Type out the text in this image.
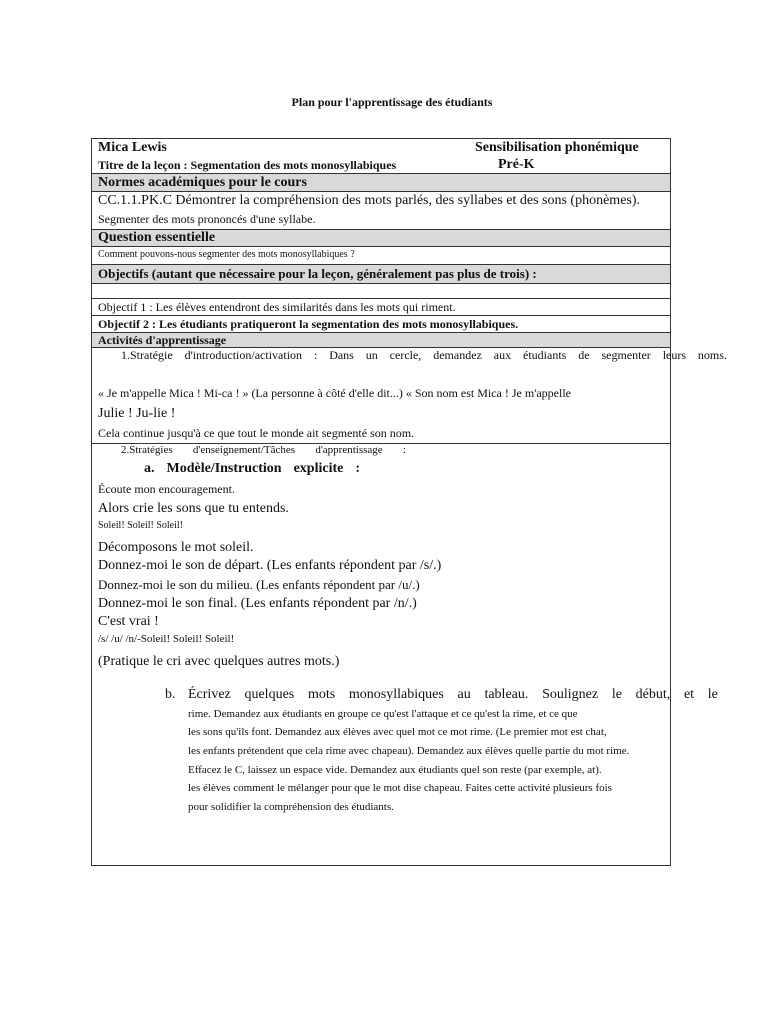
Plan pour l'apprentissage des étudiants
Mica Lewis	Sensibilisation phonémique
Titre de la leçon : Segmentation des mots monosyllabiques	Pré-K
Normes académiques pour le cours
CC.1.1.PK.C Démontrer la compréhension des mots parlés, des syllabes et des sons (phonèmes).
Segmenter des mots prononcés d'une syllabe.
Question essentielle
Comment pouvons-nous segmenter des mots monosyllabiques ?
Objectifs (autant que nécessaire pour la leçon, généralement pas plus de trois) :
Objectif 1 : Les élèves entendront des similarités dans les mots qui riment.
Objectif 2 : Les étudiants pratiqueront la segmentation des mots monosyllabiques.
Activités d'apprentissage
1.Stratégie d'introduction/activation : Dans un cercle, demandez aux étudiants de segmenter leurs noms.
« Je m'appelle Mica ! Mi-ca ! » (La personne à côté d'elle dit...) « Son nom est Mica ! Je m'appelle
Julie ! Ju-lie !
Cela continue jusqu'à ce que tout le monde ait segmenté son nom.
2.Stratégies d'enseignement/Tâches d'apprentissage :
a. Modèle/Instruction explicite :
Écoute mon encouragement.
Alors crie les sons que tu entends.
Soleil! Soleil! Soleil!
Décomposons le mot soleil.
Donnez-moi le son de départ. (Les enfants répondent par /s/.)
Donnez-moi le son du milieu. (Les enfants répondent par /u/.)
Donnez-moi le son final. (Les enfants répondent par /n/.)
C'est vrai !
/s/ /u/ /n/-Soleil! Soleil! Soleil!
(Pratique le cri avec quelques autres mots.)
b. Écrivez quelques mots monosyllabiques au tableau. Soulignez le début, et le
rime. Demandez aux étudiants en groupe ce qu'est l'attaque et ce qu'est la rime, et ce que
les sons qu'ils font. Demandez aux élèves avec quel mot ce mot rime. (Le premier mot est chat,
les enfants prétendent que cela rime avec chapeau). Demandez aux élèves quelle partie du mot rime.
Effacez le C, laissez un espace vide. Demandez aux étudiants quel son reste (par exemple, at).
les élèves comment le mélanger pour que le mot dise chapeau. Faites cette activité plusieurs fois
pour solidifier la compréhension des étudiants.
